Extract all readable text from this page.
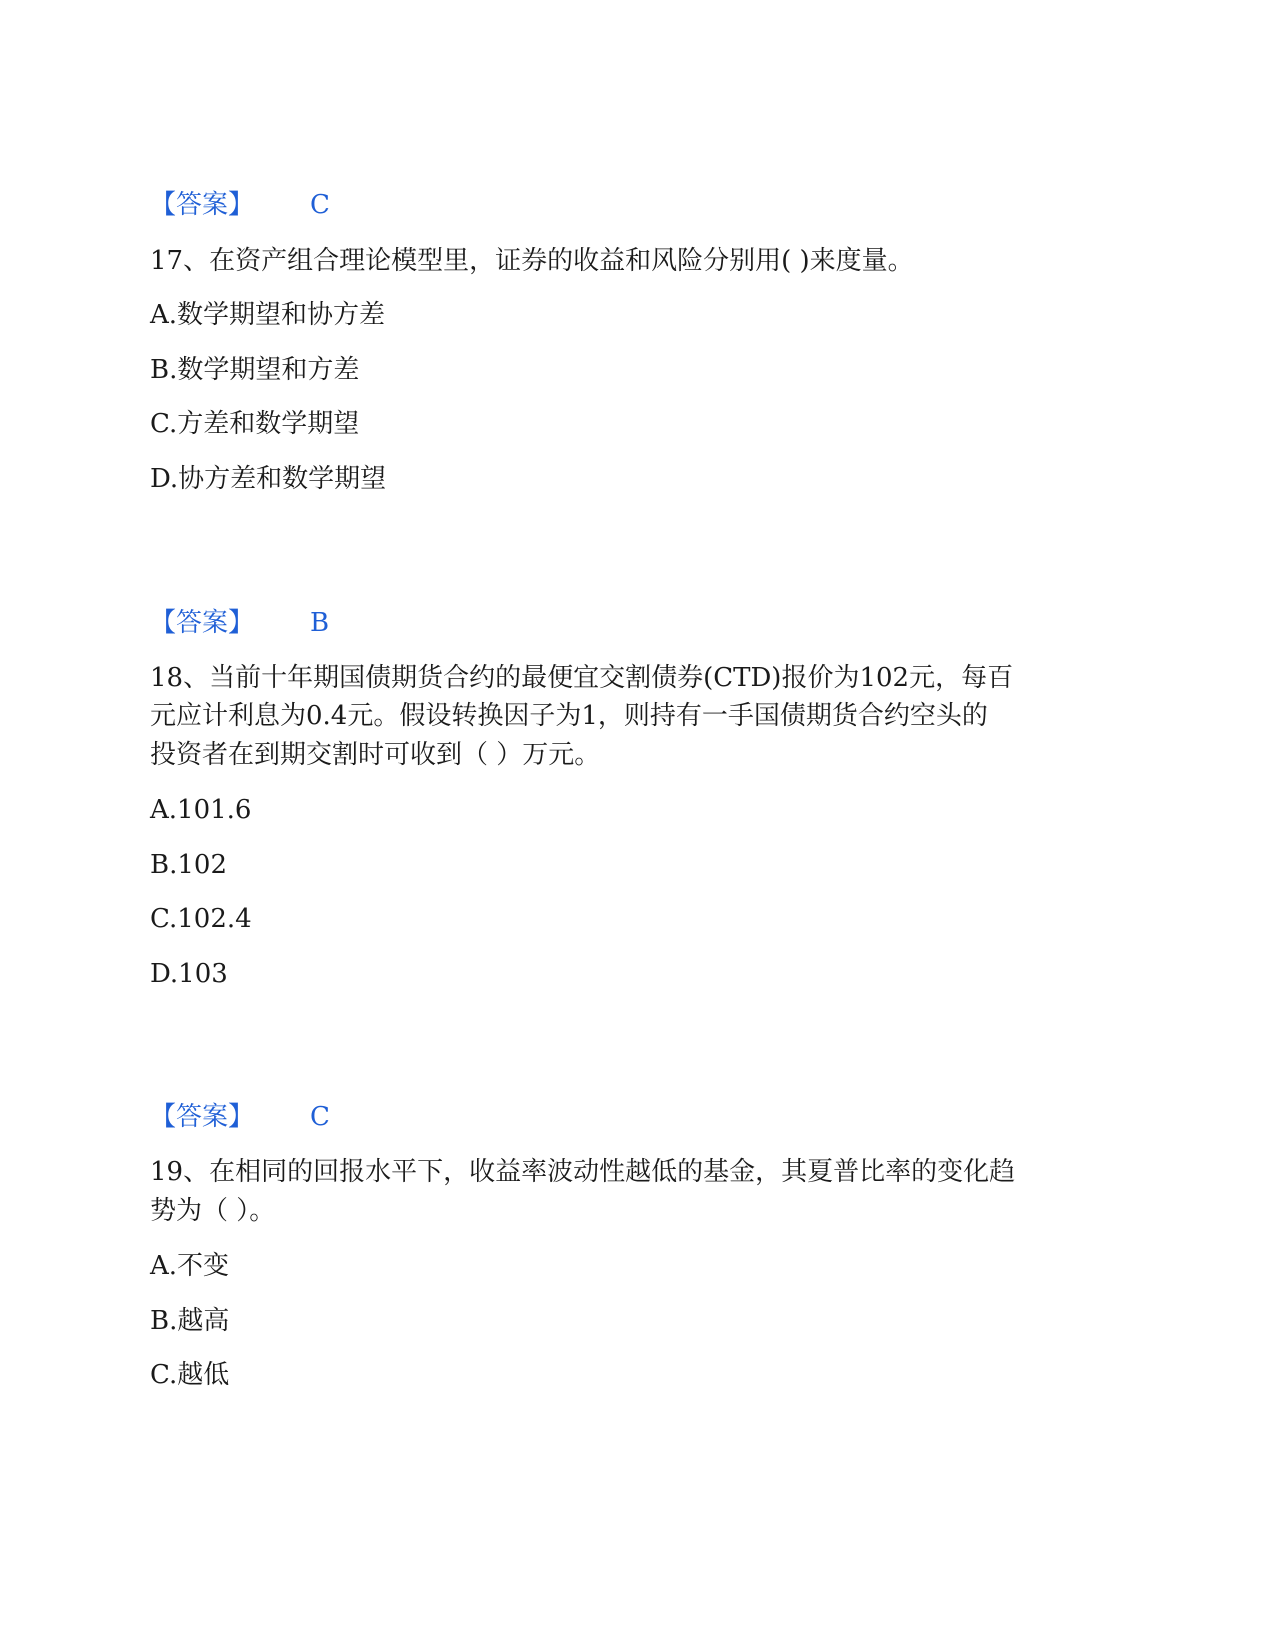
【答案】 C
17、在资产组合理论模型里，证券的收益和风险分别用( )来度量。
A.数学期望和协方差
B.数学期望和方差
C.方差和数学期望
D.协方差和数学期望
【答案】 B
18、当前十年期国债期货合约的最便宜交割债券(CTD)报价为102元，每百
元应计利息为0.4元。假设转换因子为1，则持有一手国债期货合约空头的
投资者在到期交割时可收到（ ）万元。
A.101.6
B.102
C.102.4
D.103
【答案】 C
19、在相同的回报水平下，收益率波动性越低的基金，其夏普比率的变化趋
势为（ ）。
A.不变
B.越高
C.越低
